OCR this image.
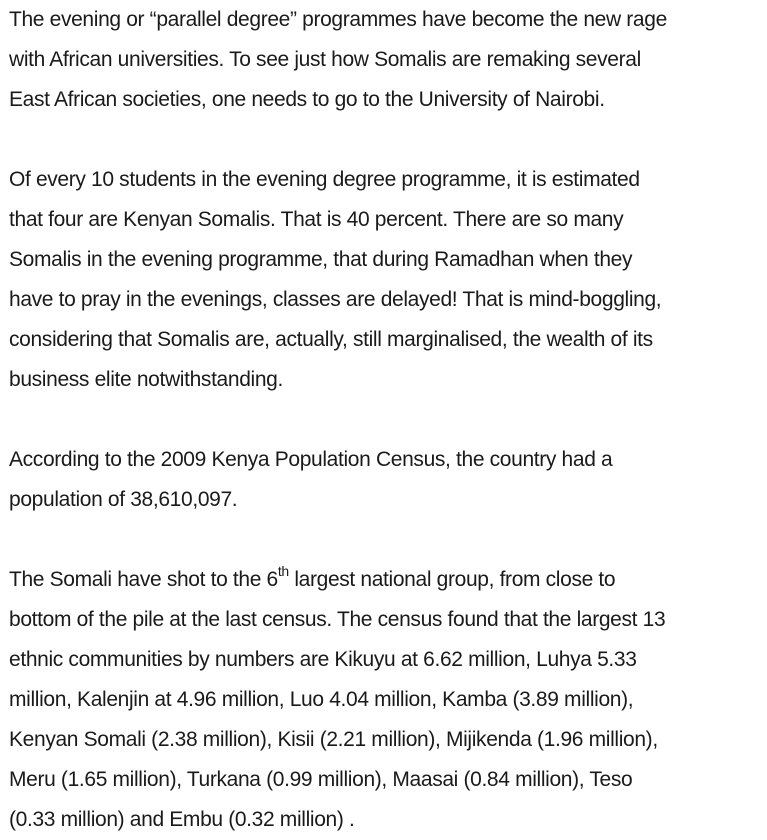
The evening or “parallel degree” programmes have become the new rage
with African universities. To see just how Somalis are remaking several
East African societies, one needs to go to the University of Nairobi.

Of every 10 students in the evening degree programme, it is estimated
that four are Kenyan Somalis. That is 40 percent. There are so many
Somalis in the evening programme, that during Ramadhan when they
have to pray in the evenings, classes are delayed! That is mind-boggling,
considering that Somalis are, actually, still marginalised, the wealth of its
business elite notwithstanding.

According to the 2009 Kenya Population Census, the country had a
population of 38,610,097.

The Somali have shot to the 6th largest national group, from close to
bottom of the pile at the last census. The census found that the largest 13
ethnic communities by numbers are Kikuyu at 6.62 million, Luhya 5.33
million, Kalenjin at 4.96 million, Luo 4.04 million, Kamba (3.89 million),
Kenyan Somali (2.38 million), Kisii (2.21 million), Mijikenda (1.96 million),
Meru (1.65 million), Turkana (0.99 million), Maasai (0.84 million), Teso
(0.33 million) and Embu (0.32 million) .
